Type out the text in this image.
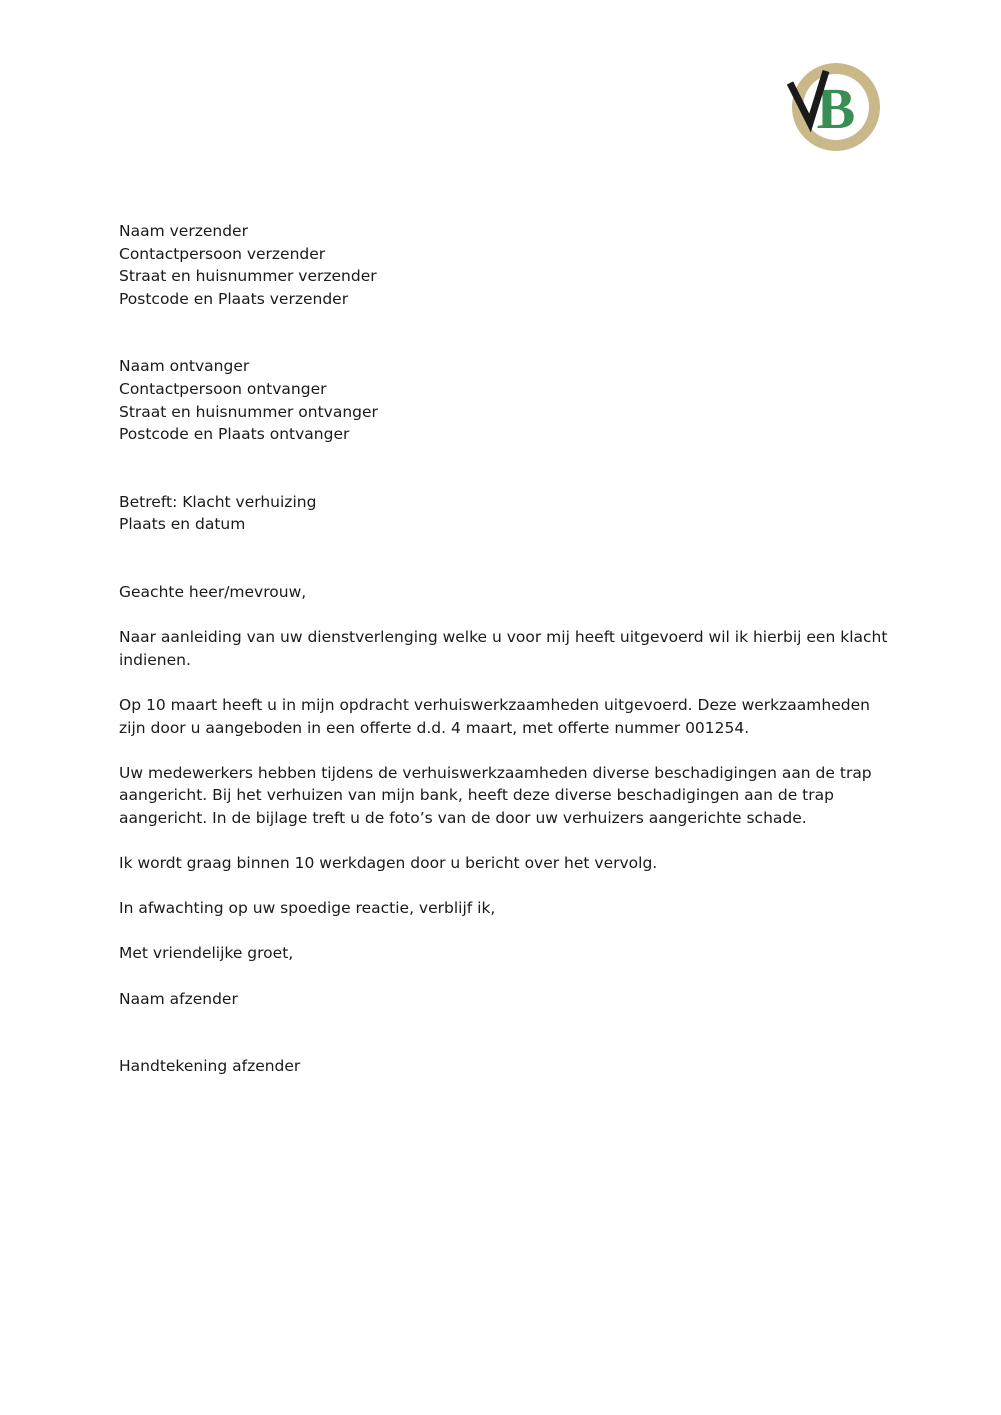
B
Naam verzender
Contactpersoon verzender
Straat en huisnummer verzender
Postcode en Plaats verzender
Naam ontvanger
Contactpersoon ontvanger
Straat en huisnummer ontvanger
Postcode en Plaats ontvanger
Betreft: Klacht verhuizing
Plaats en datum

Geachte heer/mevrouw,

Naar aanleiding van uw dienstverlenging welke u voor mij heeft uitgevoerd wil ik hierbij een klacht indienen.

Op 10 maart heeft u in mijn opdracht verhuiswerkzaamheden uitgevoerd. Deze werkzaamheden zijn door u aangeboden in een offerte d.d. 4 maart, met offerte nummer 001254.

Uw medewerkers hebben tijdens de verhuiswerkzaamheden diverse beschadigingen aan de trap aangericht. Bij het verhuizen van mijn bank, heeft deze diverse beschadigingen aan de trap aangericht. In de bijlage treft u de foto’s van de door uw verhuizers aangerichte schade.

Ik wordt graag binnen 10 werkdagen door u bericht over het vervolg.

In afwachting op uw spoedige reactie, verblijf ik,

Met vriendelijke groet,

Naam afzender

Handtekening afzender
